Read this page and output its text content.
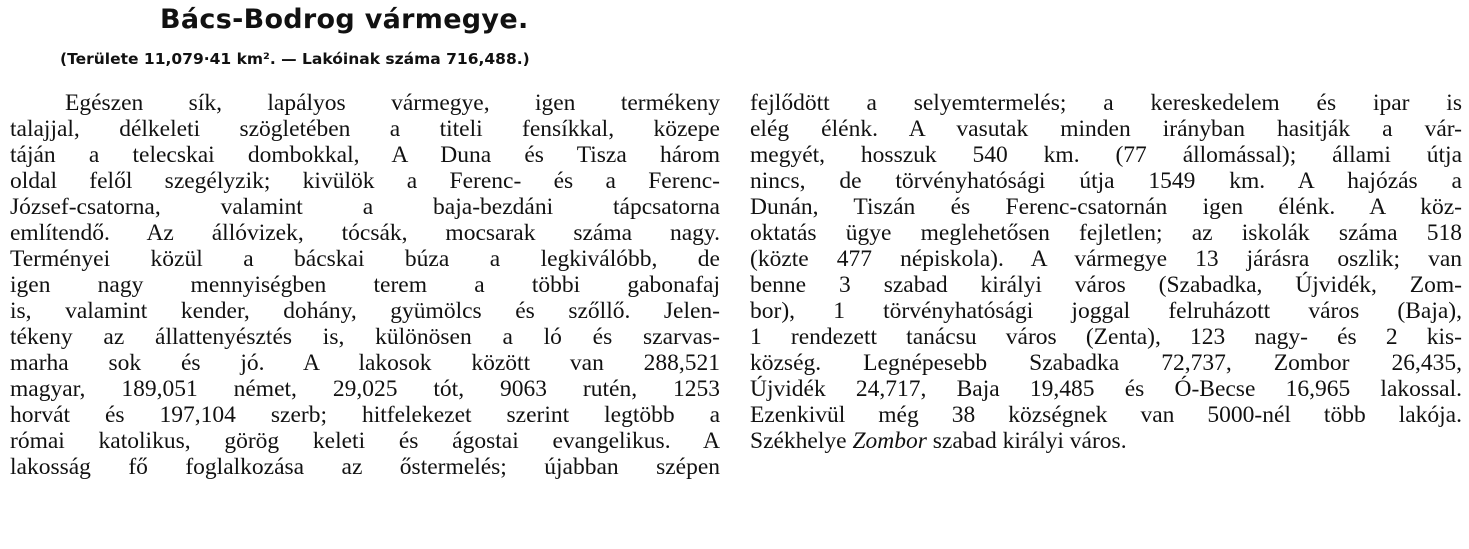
Bács-Bodrog vármegye.
(Területe 11,079·41 km². — Lakóinak száma 716,488.)
Egészen sík, lapályos vármegye, igen termékeny
talajjal, délkeleti szögletében a titeli fensíkkal, közepe
táján a telecskai dombokkal, A Duna és Tisza három
oldal felől szegélyzik; kivülök a Ferenc- és a Ferenc-
József-csatorna, valamint a baja-bezdáni tápcsatorna
említendő. Az állóvizek, tócsák, mocsarak száma nagy.
Terményei közül a bácskai búza a legkiválóbb, de
igen nagy mennyiségben terem a többi gabonafaj
is, valamint kender, dohány, gyümölcs és szőllő. Jelen-
tékeny az állattenyésztés is, különösen a ló és szarvas-
marha sok és jó. A lakosok között van 288,521
magyar, 189,051 német, 29,025 tót, 9063 rutén, 1253
horvát és 197,104 szerb; hitfelekezet szerint legtöbb a
római katolikus, görög keleti és ágostai evangelikus. A
lakosság fő foglalkozása az őstermelés; újabban szépen
fejlődött a selyemtermelés; a kereskedelem és ipar is
elég élénk. A vasutak minden irányban hasitják a vár-
megyét, hosszuk 540 km. (77 állomással); állami útja
nincs, de törvényhatósági útja 1549 km. A hajózás a
Dunán, Tiszán és Ferenc-csatornán igen élénk. A köz-
oktatás ügye meglehetősen fejletlen; az iskolák száma 518
(közte 477 népiskola). A vármegye 13 járásra oszlik; van
benne 3 szabad királyi város (Szabadka, Újvidék, Zom-
bor), 1 törvényhatósági joggal felruházott város (Baja),
1 rendezett tanácsu város (Zenta), 123 nagy- és 2 kis-
község. Legnépesebb Szabadka 72,737, Zombor 26,435,
Újvidék 24,717, Baja 19,485 és Ó-Becse 16,965 lakossal.
Ezenkivül még 38 községnek van 5000-nél több lakója.
Székhelye Zombor szabad királyi város.
